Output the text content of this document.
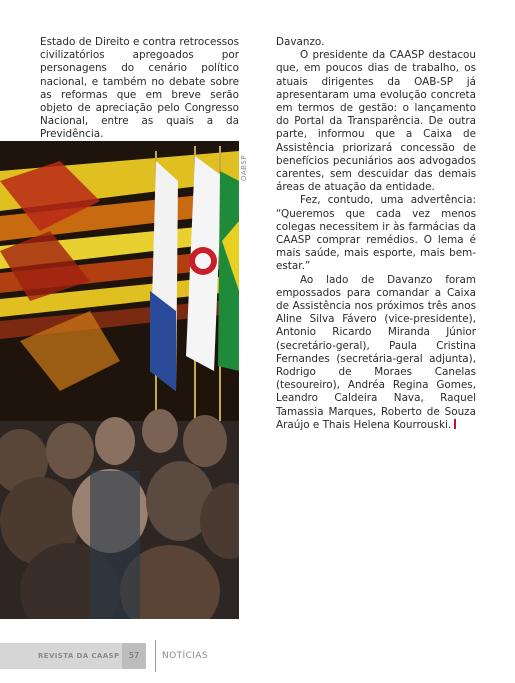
Estado de Direito e contra retrocessos civilizatórios apregoados por personagens do cenário político nacional, e também no debate sobre as reformas que em breve serão objeto de apreciação pelo Congresso Nacional, entre as quais a da Previdência.

OABSP

Davanzo.

O presidente da CAASP destacou que, em poucos dias de trabalho, os atuais dirigentes da OAB-SP já apresentaram uma evolução concreta em termos de gestão: o lançamento do Portal da Transparência. De outra parte, informou que a Caixa de Assistência priorizará concessão de benefícios pecuniários aos advogados carentes, sem descuidar das demais áreas de atuação da entidade.

Fez, contudo, uma advertência: “Queremos que cada vez menos colegas necessitem ir às farmácias da CAASP comprar remédios. O lema é mais saúde, mais esporte, mais bem-estar.”

Ao lado de Davanzo foram empossados para comandar a Caixa de Assistência nos próximos três anos Aline Silva Fávero (vice-presidente), Antonio Ricardo Miranda Júnior (secretário-geral), Paula Cristina Fernandes (secretária-geral adjunta), Rodrigo de Moraes Canelas (tesoureiro), Andréa Regina Gomes, Leandro Caldeira Nava, Raquel Tamassia Marques, Roberto de Souza Araújo e Thais Helena Kourrouski.

REVISTA DA CAASP	57	NOTÍCIAS
